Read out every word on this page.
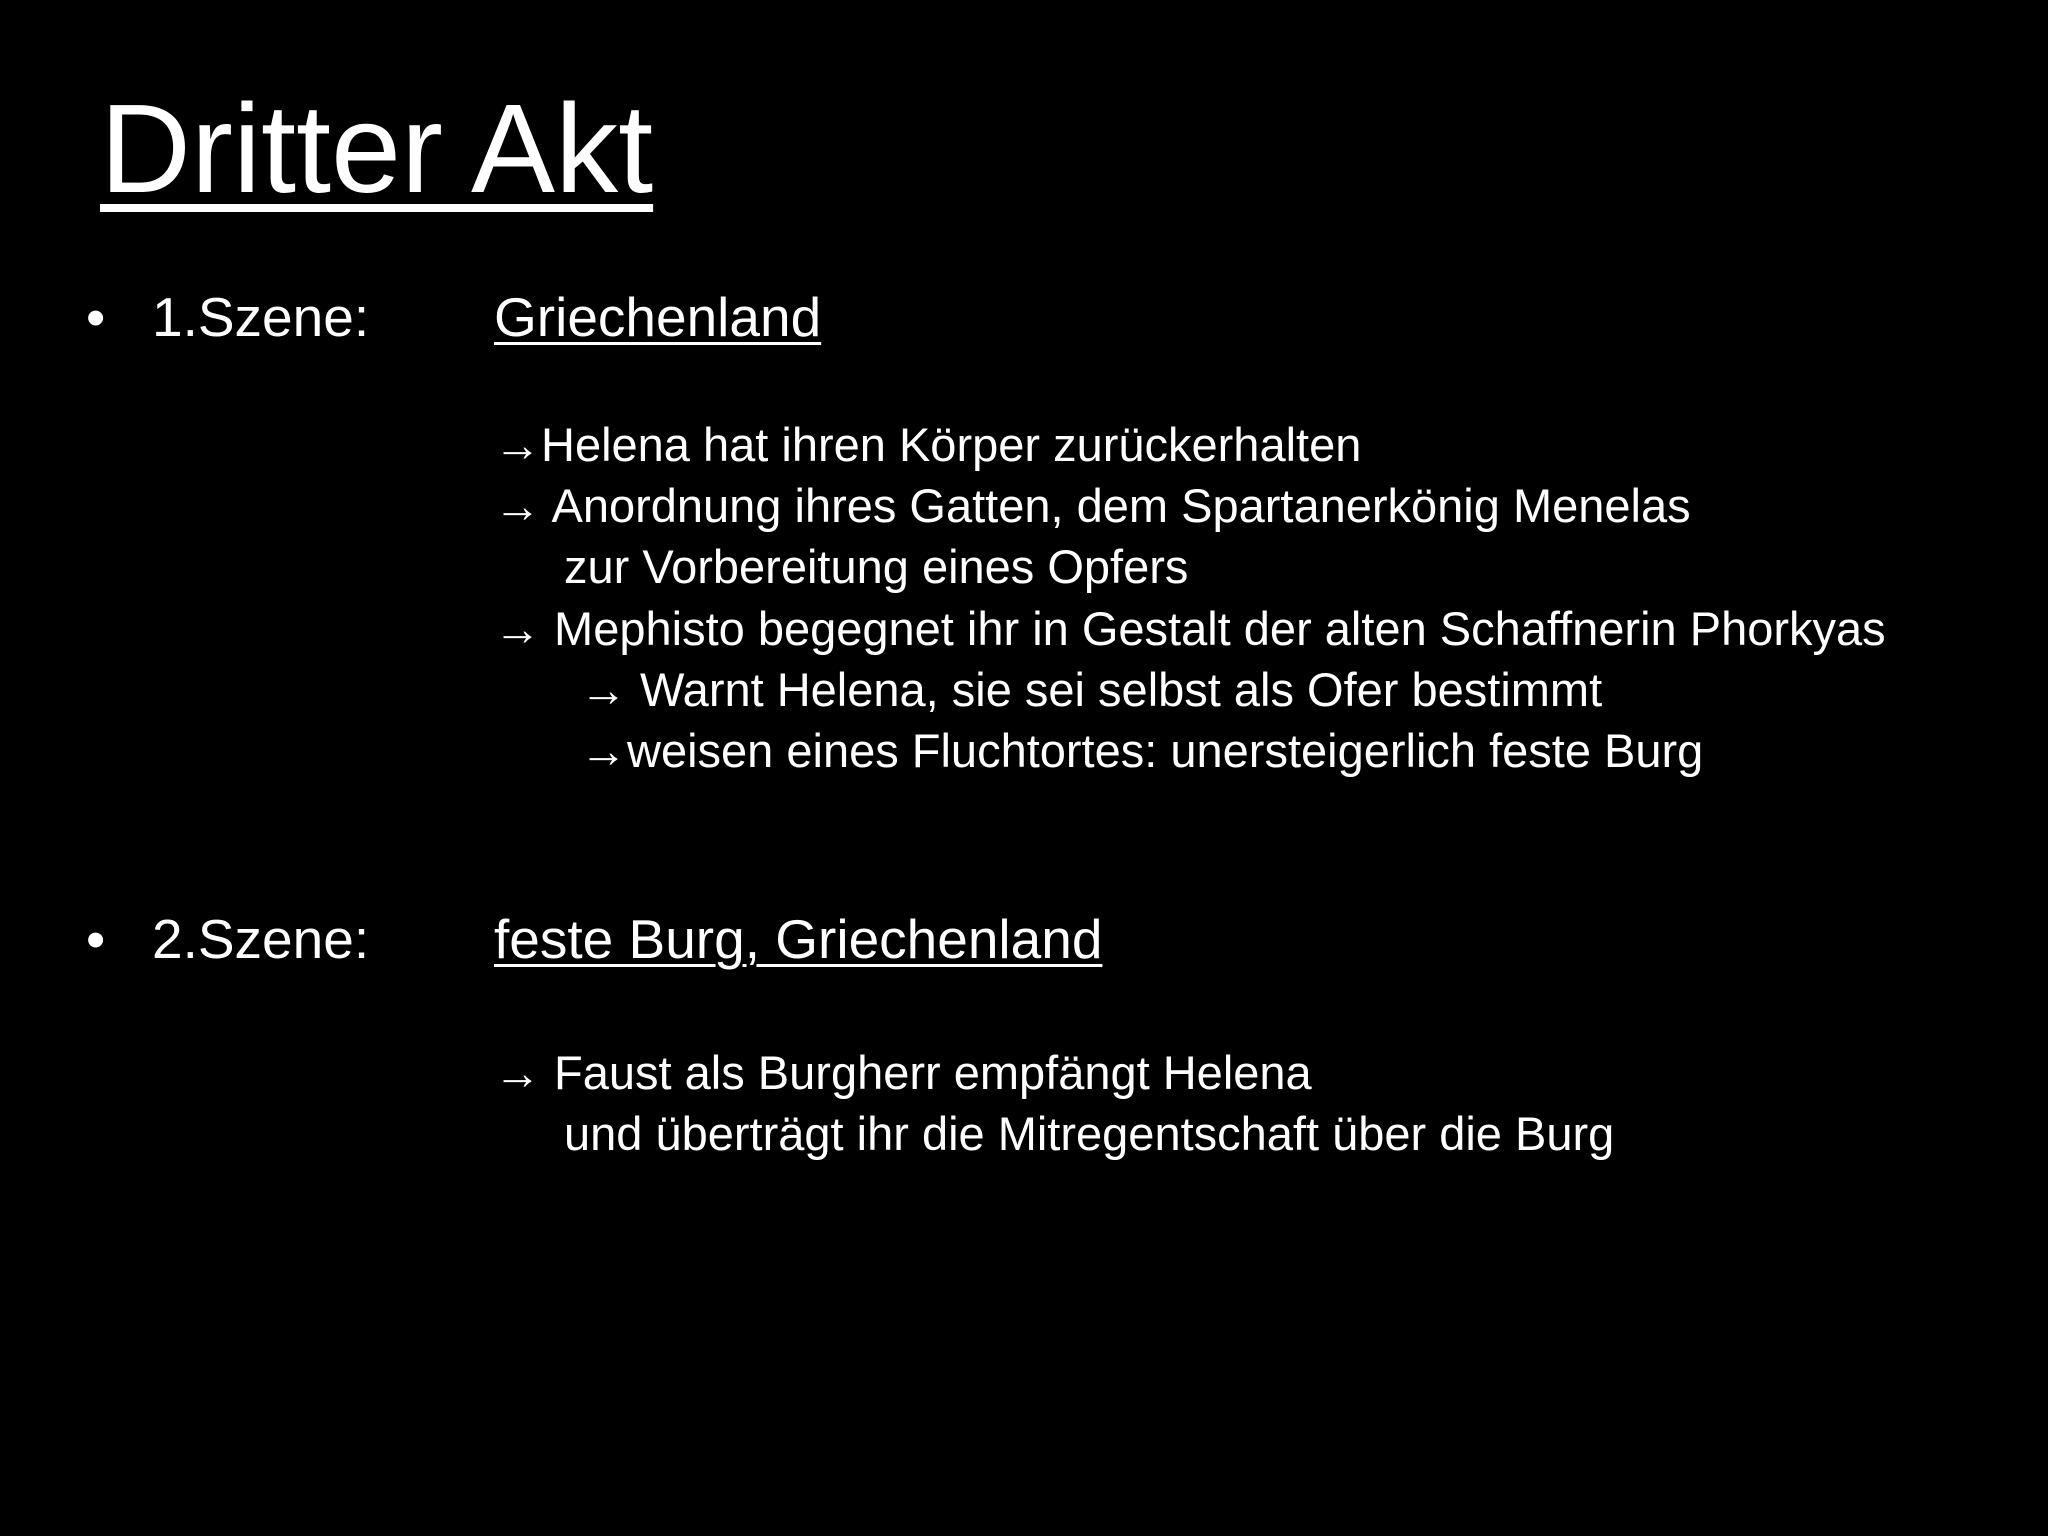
Dritter Akt
• 1.Szene: Griechenland
→Helena hat ihren Körper zurückerhalten
→ Anordnung ihres Gatten, dem Spartanerkönig Menelas
zur Vorbereitung eines Opfers
→ Mephisto begegnet ihr in Gestalt der alten Schaffnerin Phorkyas
→ Warnt Helena, sie sei selbst als Ofer bestimmt
→weisen eines Fluchtortes: unersteigerlich feste Burg
• 2.Szene: feste Burg, Griechenland
→ Faust als Burgherr empfängt Helena
und überträgt ihr die Mitregentschaft über die Burg
